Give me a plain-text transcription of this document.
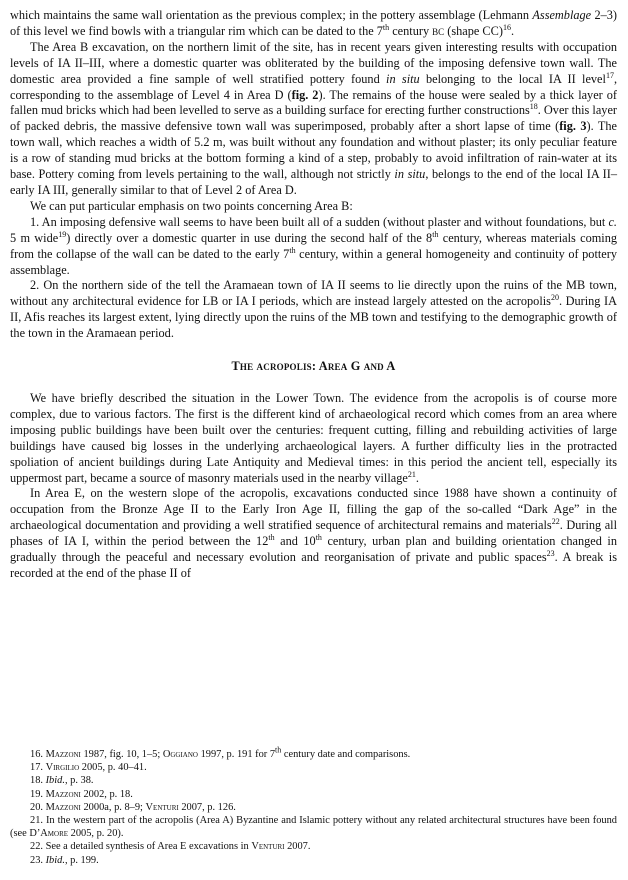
which maintains the same wall orientation as the previous complex; in the pottery assemblage (Lehmann Assemblage 2–3) of this level we find bowls with a triangular rim which can be dated to the 7th century bc (shape CC)$^{16}$.

The Area B excavation, on the northern limit of the site, has in recent years given interesting results with occupation levels of IA II–III, where a domestic quarter was obliterated by the building of the imposing defensive town wall. The domestic area provided a fine sample of well stratified pottery found in situ belonging to the local IA II level$^{17}$, corresponding to the assemblage of Level 4 in Area D (fig. 2). The remains of the house were sealed by a thick layer of fallen mud bricks which had been levelled to serve as a building surface for erecting further constructions$^{18}$. Over this layer of packed debris, the massive defensive town wall was superimposed, probably after a short lapse of time (fig. 3). The town wall, which reaches a width of 5.2 m, was built without any foundation and without plaster; its only peculiar feature is a row of standing mud bricks at the bottom forming a kind of a step, probably to avoid infiltration of rain-water at its base. Pottery coming from levels pertaining to the wall, although not strictly in situ, belongs to the end of the local IA II–early IA III, generally similar to that of Level 2 of Area D.

We can put particular emphasis on two points concerning Area B:

1. An imposing defensive wall seems to have been built all of a sudden (without plaster and without foundations, but c. 5 m wide$^{19}$) directly over a domestic quarter in use during the second half of the 8th century, whereas materials coming from the collapse of the wall can be dated to the early 7th century, within a general homogeneity and continuity of pottery assemblage.

2. On the northern side of the tell the Aramaean town of IA II seems to lie directly upon the ruins of the MB town, without any architectural evidence for LB or IA I periods, which are instead largely attested on the acropolis$^{20}$. During IA II, Afis reaches its largest extent, lying directly upon the ruins of the MB town and testifying to the demographic growth of the town in the Aramaean period.

The acropolis: Area G and A

We have briefly described the situation in the Lower Town. The evidence from the acropolis is of course more complex, due to various factors. The first is the different kind of archaeological record which comes from an area where imposing public buildings have been built over the centuries: frequent cutting, filling and rebuilding activities of large buildings have caused big losses in the underlying archaeological layers. A further difficulty lies in the protracted spoliation of ancient buildings during Late Antiquity and Medieval times: in this period the ancient tell, especially its uppermost part, became a source of masonry materials used in the nearby village$^{21}$.

In Area E, on the western slope of the acropolis, excavations conducted since 1988 have shown a continuity of occupation from the Bronze Age II to the Early Iron Age II, filling the gap of the so-called “Dark Age” in the archaeological documentation and providing a well stratified sequence of architectural remains and materials$^{22}$. During all phases of IA I, within the period between the 12th and 10th century, urban plan and building orientation changed in gradually through the peaceful and necessary evolution and reorganisation of private and public spaces$^{23}$. A break is recorded at the end of the phase II of

16. Mazzoni 1987, fig. 10, 1–5; Oggiano 1997, p. 191 for 7th century date and comparisons.

17. Virgilio 2005, p. 40–41.

18. Ibid., p. 38.

19. Mazzoni 2002, p. 18.

20. Mazzoni 2000a, p. 8–9; Venturi 2007, p. 126.

21. In the western part of the acropolis (Area A) Byzantine and Islamic pottery without any related architectural structures have been found (see D’Amore 2005, p. 20).

22. See a detailed synthesis of Area E excavations in Venturi 2007.

23. Ibid., p. 199.
